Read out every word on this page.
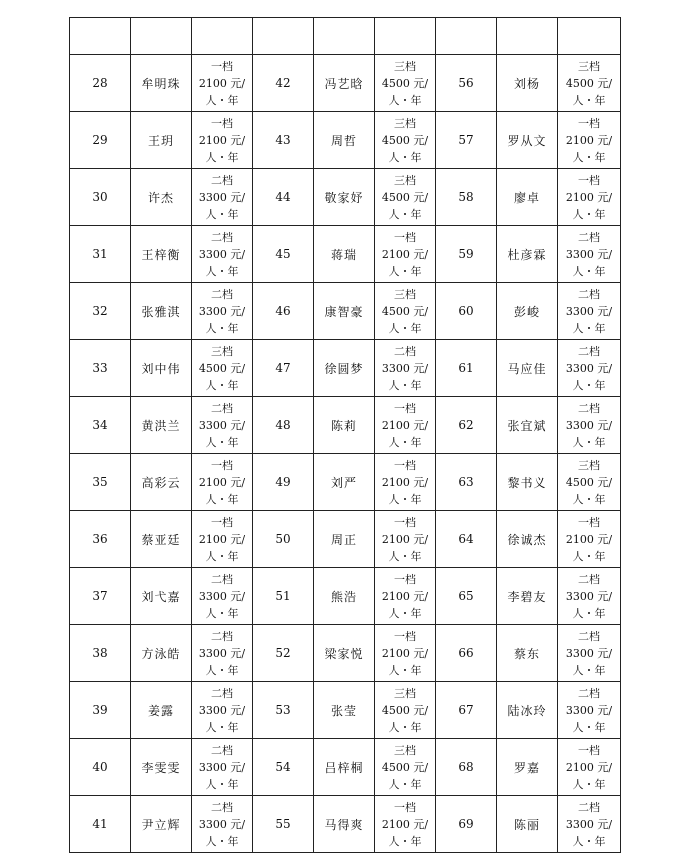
28	牟明珠	一档
2100 元/
人・年	42	冯艺晗	三档
4500 元/
人・年	56	刘杨	三档
4500 元/
人・年

29	王玥	一档
2100 元/
人・年	43	周哲	三档
4500 元/
人・年	57	罗从文	一档
2100 元/
人・年

30	许杰	二档
3300 元/
人・年	44	敬家妤	三档
4500 元/
人・年	58	廖卓	一档
2100 元/
人・年

31	王梓衡	二档
3300 元/
人・年	45	蒋瑞	一档
2100 元/
人・年	59	杜彦霖	二档
3300 元/
人・年

32	张雅淇	二档
3300 元/
人・年	46	康智豪	三档
4500 元/
人・年	60	彭峻	二档
3300 元/
人・年

33	刘中伟	三档
4500 元/
人・年	47	徐圆梦	二档
3300 元/
人・年	61	马应佳	二档
3300 元/
人・年

34	黄洪兰	二档
3300 元/
人・年	48	陈莉	一档
2100 元/
人・年	62	张宜斌	二档
3300 元/
人・年

35	高彩云	一档
2100 元/
人・年	49	刘严	一档
2100 元/
人・年	63	黎书义	三档
4500 元/
人・年

36	蔡亚廷	一档
2100 元/
人・年	50	周正	一档
2100 元/
人・年	64	徐诚杰	一档
2100 元/
人・年

37	刘弋嘉	二档
3300 元/
人・年	51	熊浩	一档
2100 元/
人・年	65	李碧友	二档
3300 元/
人・年

38	方泳皓	二档
3300 元/
人・年	52	梁家悦	一档
2100 元/
人・年	66	蔡东	二档
3300 元/
人・年

39	姜露	二档
3300 元/
人・年	53	张莹	三档
4500 元/
人・年	67	陆冰玲	二档
3300 元/
人・年

40	李雯雯	二档
3300 元/
人・年	54	吕梓桐	三档
4500 元/
人・年	68	罗嘉	一档
2100 元/
人・年

41	尹立辉	二档
3300 元/
人・年	55	马得爽	一档
2100 元/
人・年	69	陈丽	二档
3300 元/
人・年
